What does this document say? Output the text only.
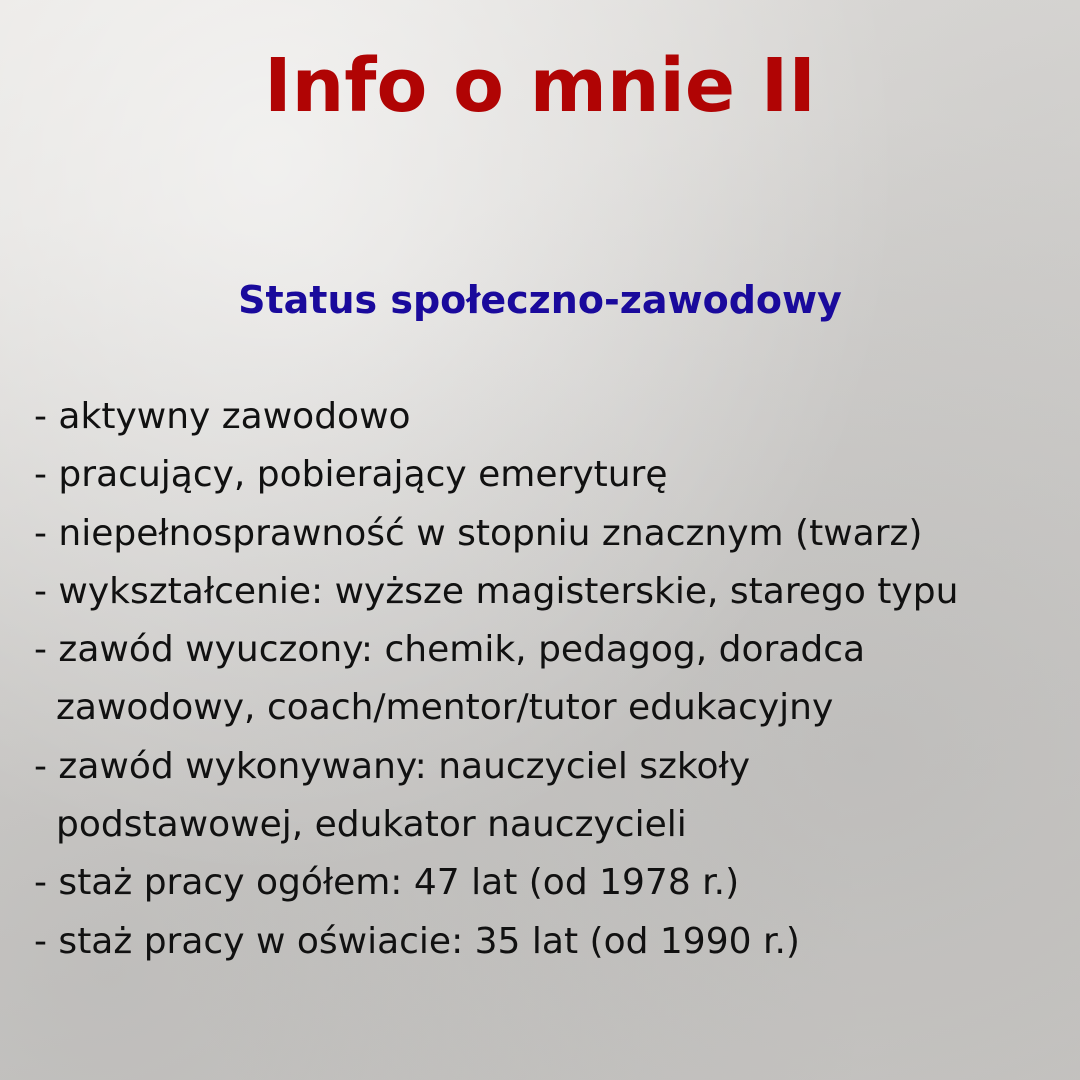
Info o mnie II
Status społeczno-zawodowy
- aktywny zawodowo
- pracujący, pobierający emeryturę
- niepełnosprawność w stopniu znacznym (twarz)
- wykształcenie: wyższe magisterskie, starego typu
- zawód wyuczony: chemik, pedagog, doradca
zawodowy, coach/mentor/tutor edukacyjny
- zawód wykonywany: nauczyciel szkoły
podstawowej, edukator nauczycieli
- staż pracy ogółem: 47 lat (od 1978 r.)
- staż pracy w oświacie: 35 lat (od 1990 r.)
